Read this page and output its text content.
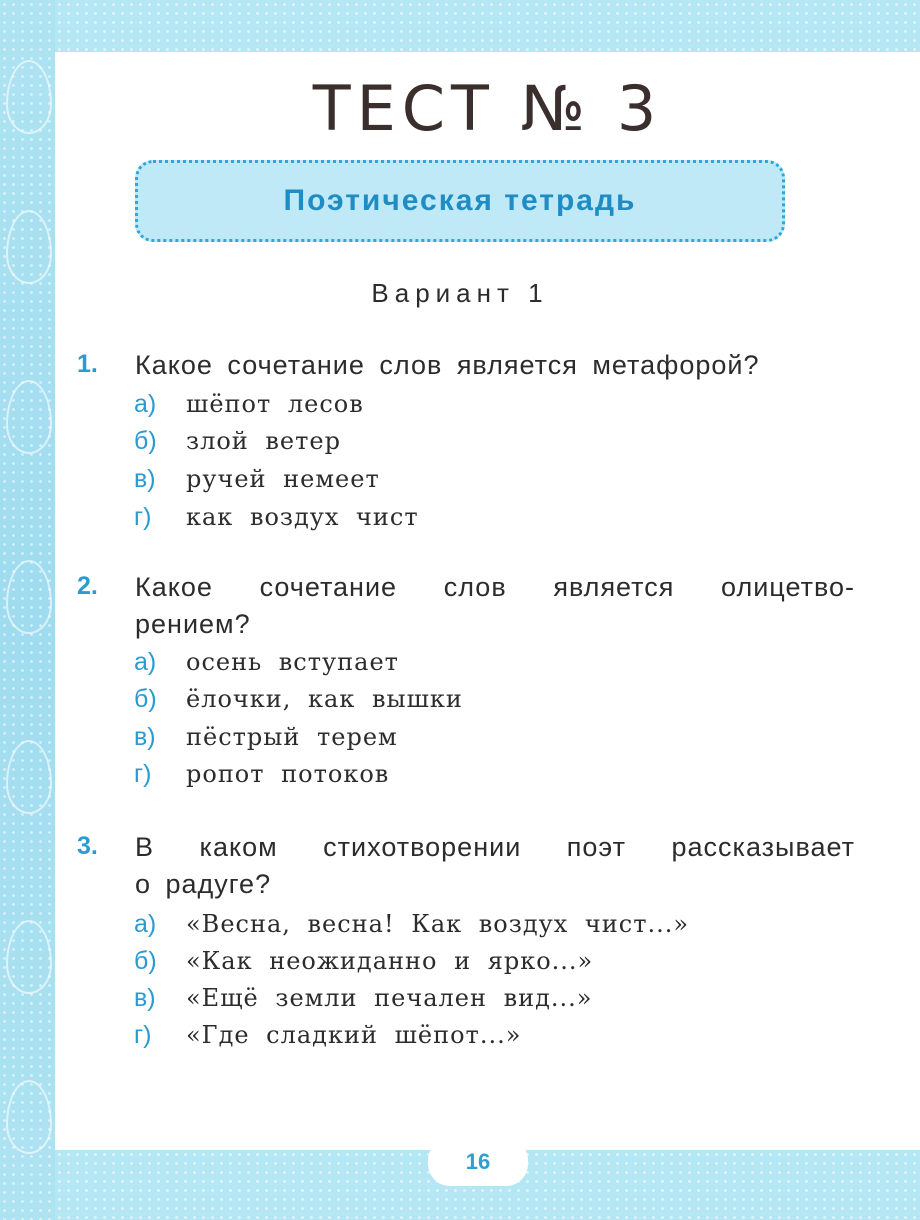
ТЕСТ № 3
Поэтическая тетрадь
Вариант 1
1. Какое сочетание слов является метафорой?
а)	шёпот лесов
б)	злой ветер
в)	ручей немеет
г)	как воздух чист
2. Какое сочетание слов является олицетво-
рением?
а)	осень вступает
б)	ёлочки, как вышки
в)	пёстрый терем
г)	ропот потоков
3. В каком стихотворении поэт рассказывает
о радуге?
а)	«Весна, весна! Как воздух чист...»
б)	«Как неожиданно и ярко...»
в)	«Ещё земли печален вид...»
г)	«Где сладкий шёпот...»
16
